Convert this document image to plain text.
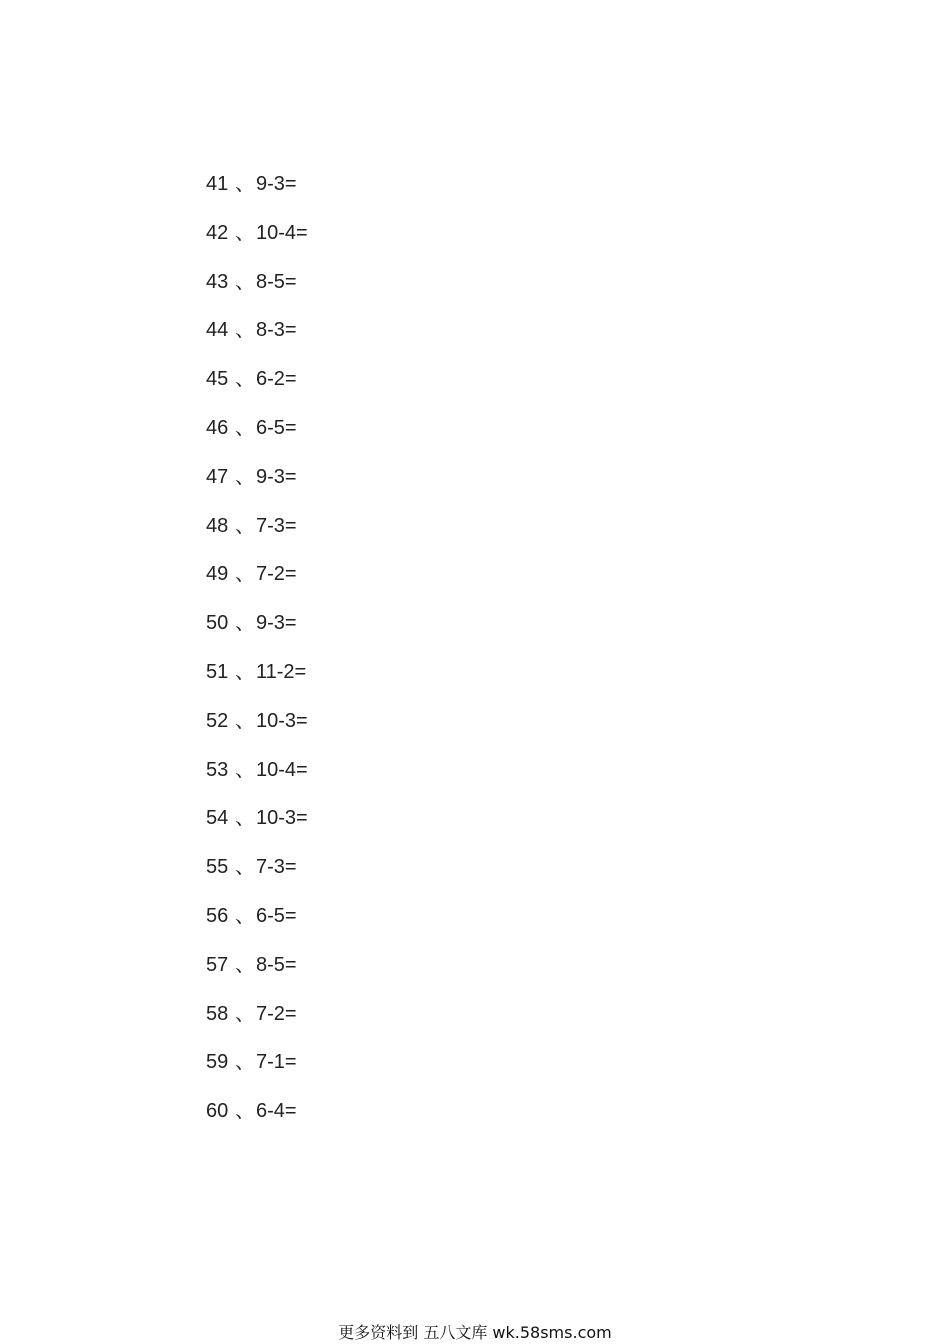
41 、 9-3=
42 、 10-4=
43 、 8-5=
44 、 8-3=
45 、 6-2=
46 、 6-5=
47 、 9-3=
48 、 7-3=
49 、 7-2=
50 、 9-3=
51 、 11-2=
52 、 10-3=
53 、 10-4=
54 、 10-3=
55 、 7-3=
56 、 6-5=
57 、 8-5=
58 、 7-2=
59 、 7-1=
60 、 6-4=
更多资料到 五八文库 wk.58sms.com
